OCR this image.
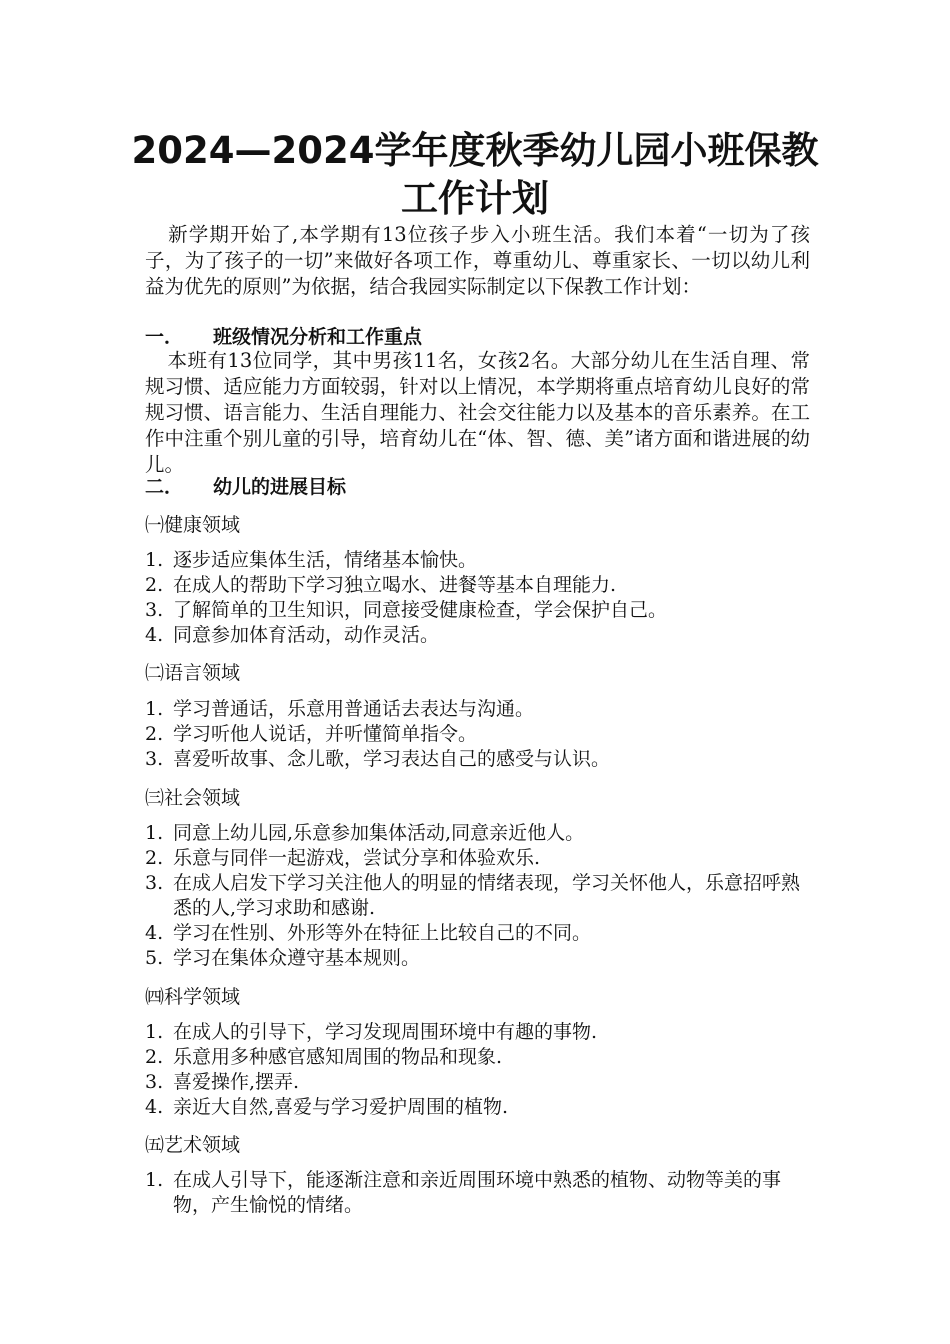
2024—2024学年度秋季幼儿园小班保教
工作计划

新学期开始了,本学期有13位孩子步入小班生活。我们本着“一切为了孩子，为了孩子的一切”来做好各项工作，尊重幼儿、尊重家长、一切以幼儿利益为优先的原则”为依据，结合我园实际制定以下保教工作计划：

一． 班级情况分析和工作重点

本班有13位同学，其中男孩11名，女孩2名。大部分幼儿在生活自理、常规习惯、适应能力方面较弱，针对以上情况，本学期将重点培育幼儿良好的常规习惯、语言能力、生活自理能力、社会交往能力以及基本的音乐素养。在工作中注重个别儿童的引导，培育幼儿在“体、智、德、美”诸方面和谐进展的幼儿。

二． 幼儿的进展目标

㈠健康领域

1. 逐步适应集体生活，情绪基本愉快。
2. 在成人的帮助下学习独立喝水、进餐等基本自理能力.
3. 了解简单的卫生知识，同意接受健康检查，学会保护自己。
4. 同意参加体育活动，动作灵活。

㈡语言领域

1. 学习普通话，乐意用普通话去表达与沟通。
2. 学习听他人说话，并听懂简单指令。
3. 喜爱听故事、念儿歌，学习表达自己的感受与认识。

㈢社会领域

1. 同意上幼儿园,乐意参加集体活动,同意亲近他人。
2. 乐意与同伴一起游戏，尝试分享和体验欢乐.
3. 在成人启发下学习关注他人的明显的情绪表现，学习关怀他人，乐意招呼熟悉的人,学习求助和感谢.
4. 学习在性别、外形等外在特征上比较自己的不同。
5. 学习在集体众遵守基本规则。

㈣科学领域

1. 在成人的引导下，学习发现周围环境中有趣的事物.
2. 乐意用多种感官感知周围的物品和现象.
3. 喜爱操作,摆弄.
4. 亲近大自然,喜爱与学习爱护周围的植物.

㈤艺术领域

1. 在成人引导下，能逐渐注意和亲近周围环境中熟悉的植物、动物等美的事物，产生愉悦的情绪。
